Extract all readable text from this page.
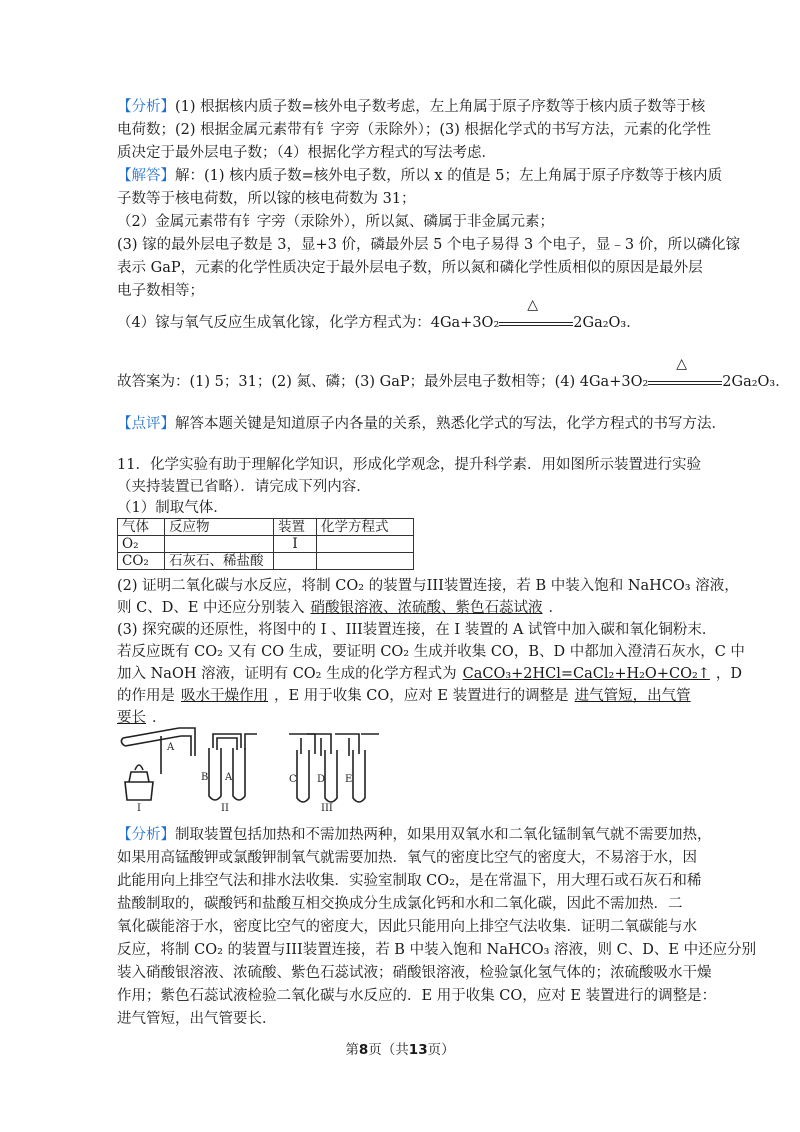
【分析】(1) 根据核内质子数=核外电子数考虑，左上角属于原子序数等于核内质子数等于核
电荷数；(2) 根据金属元素带有钅字旁（汞除外）；(3) 根据化学式的书写方法，元素的化学性
质决定于最外层电子数；（4）根据化学方程式的写法考虑．
【解答】解：(1) 核内质子数=核外电子数，所以 x 的值是 5；左上角属于原子序数等于核内质
子数等于核电荷数，所以镓的核电荷数为 31；
（2）金属元素带有钅字旁（汞除外），所以氮、磷属于非金属元素；
(3) 镓的最外层电子数是 3，显+3 价，磷最外层 5 个电子易得 3 个电子，显﹣3 价，所以磷化镓
表示 GaP，元素的化学性质决定于最外层电子数，所以氮和磷化学性质相似的原因是最外层
电子数相等；
（4）镓与氧气反应生成氧化镓，化学方程式为：4Ga+3O₂
△
2Ga₂O₃．
故答案为：(1) 5；31；(2) 氮、磷；(3) GaP；最外层电子数相等；(4) 4Ga+3O₂
△
2Ga₂O₃．
【点评】解答本题关键是知道原子内各量的关系，熟悉化学式的写法，化学方程式的书写方法．
11．化学实验有助于理解化学知识，形成化学观念，提升科学素．用如图所示装置进行实验
（夹持装置已省略）．请完成下列内容．
（1）制取气体．
气体	反应物	装置	化学方程式
O₂		I	
CO₂	石灰石、稀盐酸		
(2) 证明二氧化碳与水反应，将制 CO₂ 的装置与III装置连接，若 B 中装入饱和 NaHCO₃ 溶液，
则 C、D、E 中还应分别装入 硝酸银溶液、浓硫酸、紫色石蕊试液 ．
(3) 探究碳的还原性，将图中的 I 、III装置连接，在 I 装置的 A 试管中加入碳和氧化铜粉末．
若反应既有 CO₂ 又有 CO 生成，要证明 CO₂ 生成并收集 CO，B、D 中都加入澄清石灰水，C 中
加入 NaOH 溶液，证明有 CO₂ 生成的化学方程式为 CaCO₃+2HCl=CaCl₂+H₂O+CO₂↑ ，D
的作用是 吸水干燥作用 ，E 用于收集 CO，应对 E 装置进行的调整是 进气管短，出气管
要长 ．
A
I
B A
II
C D E
III
【分析】制取装置包括加热和不需加热两种，如果用双氧水和二氧化锰制氧气就不需要加热，
如果用高锰酸钾或氯酸钾制氧气就需要加热．氧气的密度比空气的密度大，不易溶于水，因
此能用向上排空气法和排水法收集．实验室制取 CO₂，是在常温下，用大理石或石灰石和稀
盐酸制取的，碳酸钙和盐酸互相交换成分生成氯化钙和水和二氧化碳，因此不需加热．二
氧化碳能溶于水，密度比空气的密度大，因此只能用向上排空气法收集．证明二氧碳能与水
反应，将制 CO₂ 的装置与III装置连接，若 B 中装入饱和 NaHCO₃ 溶液，则 C、D、E 中还应分别
装入硝酸银溶液、浓硫酸、紫色石蕊试液；硝酸银溶液，检验氯化氢气体的；浓硫酸吸水干燥
作用；紫色石蕊试液检验二氧化碳与水反应的．E 用于收集 CO，应对 E 装置进行的调整是：
进气管短，出气管要长．
第8页（共13页）
